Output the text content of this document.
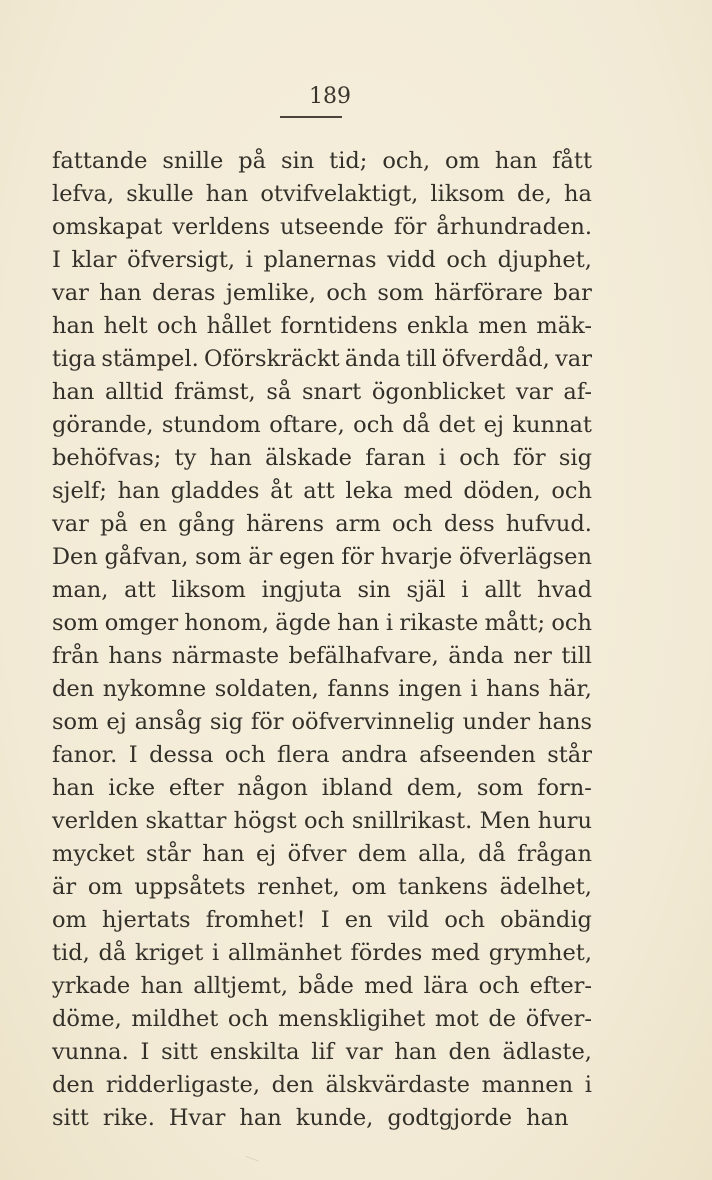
189
fattande snille på sin tid; och, om han fått
lefva, skulle han otvifvelaktigt, liksom de, ha
omskapat verldens utseende för århundraden.
I klar öfversigt, i planernas vidd och djuphet,
var han deras jemlike, och som härförare bar
han helt och hållet forntidens enkla men mäk-
tiga stämpel. Oförskräckt ända till öfverdåd, var
han alltid främst, så snart ögonblicket var af-
görande, stundom oftare, och då det ej kunnat
behöfvas; ty han älskade faran i och för sig
sjelf; han gladdes åt att leka med döden, och
var på en gång härens arm och dess hufvud.
Den gåfvan, som är egen för hvarje öfverlägsen
man, att liksom ingjuta sin själ i allt hvad
som omger honom, ägde han i rikaste mått; och
från hans närmaste befälhafvare, ända ner till
den nykomne soldaten, fanns ingen i hans här,
som ej ansåg sig för oöfvervinnelig under hans
fanor. I dessa och flera andra afseenden står
han icke efter någon ibland dem, som forn-
verlden skattar högst och snillrikast. Men huru
mycket står han ej öfver dem alla, då frågan
är om uppsåtets renhet, om tankens ädelhet,
om hjertats fromhet! I en vild och obändig
tid, då kriget i allmänhet fördes med grymhet,
yrkade han alltjemt, både med lära och efter-
döme, mildhet och menskligihet mot de öfver-
vunna. I sitt enskilta lif var han den ädlaste,
den ridderligaste, den älskvärdaste mannen i
sitt rike. Hvar han kunde, godtgjorde han
